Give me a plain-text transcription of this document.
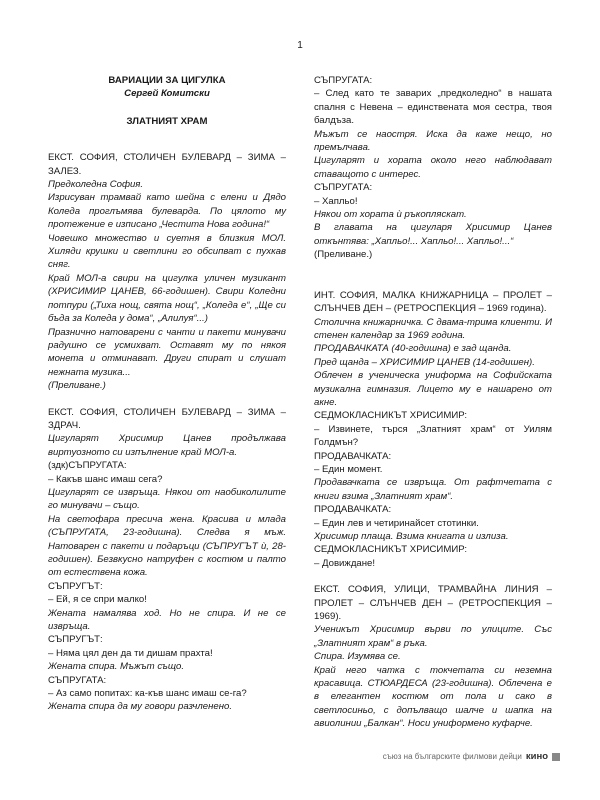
1
ВАРИАЦИИ ЗА ЦИГУЛКА
Сергей Комитски
ЗЛАТНИЯТ ХРАМ
ЕКСТ. СОФИЯ, СТОЛИЧЕН БУЛЕВАРД – ЗИМА – ЗАЛЕЗ.
Предколедна София.
Изрисуван трамвай като шейна с елени и Дядо Коледа проглъмява булеварда. По цялото му протежение е изписано „Честита Нова година!“
Човешко множество и суетня в близкия МОЛ. Хиляди крушки и светлини го обсипват с пухкав сняг.
Край МОЛ-а свири на цигулка уличен музикант (ХРИСИМИР ЦАНЕВ, 66-годишен). Свири Коледни потпури („Тиха нощ, свята нощ“, „Коледа е“, „Ще си бъда за Коледа у дома“, „Алилуя“...)
Празнично натоварени с чанти и пакети минувачи радушно се усмихват. Оставят му по някоя монета и отминават. Други спират и слушат нежната музика...
(Преливане.)
ЕКСТ. СОФИЯ, СТОЛИЧЕН БУЛЕВАРД – ЗИМА – ЗДРАЧ.
Цигуларят Хрисимир Цанев продължава виртуозното си изпълнение край МОЛ-а.
(здк)СЪПРУГАТА:
– Какъв шанс имаш сега?
Цигуларят се извръща. Някои от наобиколилите го минувачи – също.
На светофара пресича жена. Красива и млада (СЪПРУГАТА, 23-годишна). Следва я мъж. Натоварен с пакети и подаръци (СЪПРУГЪТ ѝ, 28-годишен). Безвкусно натруфен с костюм и палто от естествена кожа.
СЪПРУГЪТ:
– Ей, я се спри малко!
Жената намалява ход. Но не спира. И не се извръща.
СЪПРУГЪТ:
– Няма цял ден да ти дишам прахта!
Жената спира. Мъжът също.
СЪПРУГАТА:
– Аз само попитах: ка-къв шанс имаш се-га?
Жената спира да му говори разчленено.
СЪПРУГАТА:
– След като те заварих „предколедно“ в нашата спалня с Невена – единствената моя сестра, твоя балдъза.
Мъжът се наостря. Иска да каже нещо, но премълчава.
Цигуларят и хората около него наблюдават ставащото с интерес.
СЪПРУГАТА:
– Хапльо!
Някои от хората ѝ ръкопляскат.
В главата на цигуларя Хрисимир Цанев откънтява: „Хапльо!... Хапльо!... Хапльо!...“
(Преливане.)
ИНТ. СОФИЯ, МАЛКА КНИЖАРНИЦА – ПРОЛЕТ – СЛЪНЧЕВ ДЕН – (РЕТРОСПЕКЦИЯ – 1969 година).
Столична книжарничка. С двама-трима клиенти. И стенен календар за 1969 година.
ПРОДАВАЧКАТА (40-годишна) е зад щанда.
Пред щанда – ХРИСИМИР ЦАНЕВ (14-годишен).
Облечен в ученическа униформа на Софийската музикална гимназия. Лицето му е нашарено от акне.
СЕДМОКЛАСНИКЪТ ХРИСИМИР:
– Извинете, търся „Златният храм“ от Уилям Голдмън?
ПРОДАВАЧКАТА:
– Един момент.
Продавачката се извръща. От рафтчетата с книги взима „Златният храм“.
ПРОДАВАЧКАТА:
– Един лев и четиринайсет стотинки.
Хрисимир плаща. Взима книгата и излиза.
СЕДМОКЛАСНИКЪТ ХРИСИМИР:
– Довиждане!
ЕКСТ. СОФИЯ, УЛИЦИ, ТРАМВАЙНА ЛИНИЯ – ПРОЛЕТ – СЛЪНЧЕВ ДЕН – (РЕТРОСПЕКЦИЯ – 1969).
Ученикът Хрисимир върви по улиците. Със „Златният храм“ в ръка.
Спира. Изумява се.
Край него чатка с токчетата си неземна красавица. СТЮАРДЕСА (23-годишна). Облечена е в елегантен костюм от пола и сако в светлосиньо, с допълващо шалче и шапка на авиолинии „Балкан“. Носи униформено куфарче.
съюз на българските филмови дейци кино
